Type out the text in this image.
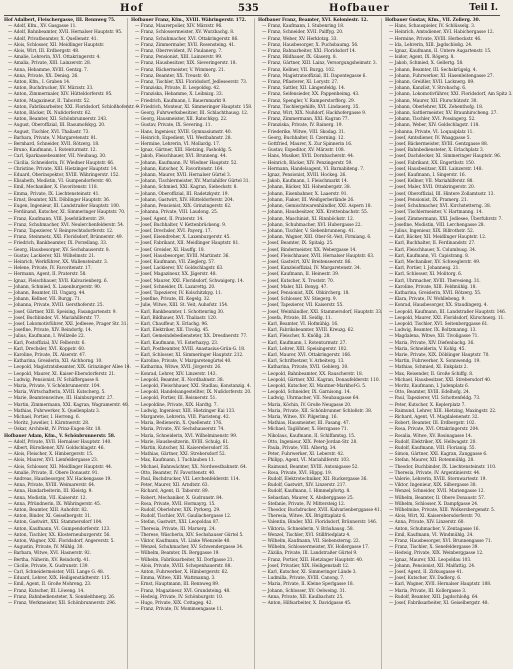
Hof	535	Hofbauer	Teil I.
Hof Adalbert, Fleischergasse, III. Rennweg 75.
— Adolf, Kfm., XV. Gasgasse 11.
— Adolf, Bahnbeamter, XVII. Hernalser Hauptstr. 95.
— Adolf, Privatbeamter, X. Quellenstr. 41.
— Alois, Schlosser, XII. Meidlinger Hauptstr.
— Alois, Wirt, III. Erdbergstr. 48.
— Amalie, Lehrerin, XVI. Ottakringerstr. 4.
— Amalia, Private, XIII. Lainzerstr. 28.
— Anna, Hebamme, XVIII. Gentzg. 7.
— Anna, Private, XX. Denisg. 26.
— Anton, Kfm., I. Graben 14.
— Anton, Buchdrucker, XV. Märzstr. 33.
— Anton, Zimmermaler, XIV. Hütteldorferstr. 95.
— Anton, Magazineur, II. Taborstr. 52.
— Anton, Fabriksarbeiter, XXI. Floridsdorf, Schloßhoferstr. 9.
— Anton, Bäcker, IX. Nußdorferstr. 62.
— Anton, Beamter, XII. Schönbrunnerstr. 243.
— August, Oberoffizial, III. Rasumofskyg. 20.
— August, Tischler, XVI. Thaliastr. 73.
— Barbara, Private, V. Margaretenstr. 81.
— Bernhard, Schneider, XVII. Rötzerg. 18.
— Bruno, Kaufmann, I. Rotenturmstr. 12.
— Carl, Sparkassebeamter, VII. Neubaug. 30.
— Cäcilia, Schneiderin, IV. Wiedner Hauptstr. 66.
— Christine, Private, XIII. Hietzinger Hauptstr. 14.
— Eduard, Oberinspektor, XVIII. Währingerstr. 152.
— Elisabeth, Modistin, VI. Gumpendorferstr. 40.
— Emil, Mechaniker, X. Favoritenstr. 118.
— Emma, Private, IX. Liechtensteinstr. 41.
— Ernst, Beamter, XIX. Döblinger Hauptstr. 36.
— Eugen, Ingenieur, III. Landstraßer Hauptstr. 100.
— Ferdinand, Kutscher, XI. Simmeringer Hauptstr. 70.
— Franz, Kaufmann, VIII. Josefstädterstr. 29.
— Franz, Schuhmacher, XVI. Neulerchenfelderstr. 54.
— Franz, Tapezierer, V. Reinprechtsdorferstr. 12.
— Franz, Steinmetz, XXI. Floridsdorf, Brünnerstr. 49.
— Friedrich, Bankbeamter, IX. Porzellang. 33.
— Georg, Hausbesorger, XV. Sechshauserstr. 8.
— Gustav, Lackierer, XII. Wilhelmstr. 21.
— Heinrich, Werkführer, XX. Wallensteinstr. 3.
— Helene, Private, IV. Favoritenstr. 17.
— Hermann, Agent, II. Praterstr. 58.
— Ignaz, Fleischhauer, XVII. Kalvarienberg. 6.
— Johann, Schmied, X. Laxenburgerstr. 90.
— Johann, Beamter, III. Ungarg. 44.
— Johann, Kellner, VII. Burgg. 71.
— Johanna, Private, XVIII. Gersthoferstr. 25.
— Josef, Gärtner, XIII. Speising, Fasangartenstr. 9.
— Josef, Buchbinder, VI. Mariahilferstr. 77.
— Josef, Lokomotivführer, XXI. Jedlesee, Prager Str. 31.
— Josefine, Private, XIV. Reindorfg. 14.
— Julius, Kaufmann, I. Wollzeile 22.
— Karl, Postoffizial, XV. Felberstr. 6.
— Karl, Drechsler, XVI. Koppstr. 60.
— Karoline, Private, IX. Alserstr. 47.
— Katharina, Greislerin, XII. Aichhorng. 10.
— Leopold, Magistratsbeamter, XIX. Grinzinger Allee 14.
— Leopold, Maurer, XI. Kaiser-Ebersdorferstr. 21.
— Ludwig, Pensionist, IV. Schäffergasse 8.
— Maria, Private, V. Schönbrunnerstr. 104.
— Maria, Wirtschafterin, XVIII. Kutscherg. 5.
— Marie, Beamtenswitwe, III. Hainburgerstr. 27.
— Martin, Zimmermann, XXI. Kagran, Wagramerstr. 40.
— Mathias, Fuhrwerker, X. Quellenplatz 3.
— Michael, Portier, I. Herreng. 6.
— Moritz, Juwelier, I. Kärntnerstr. 28.
— Oskar, Architekt, IV. Prinz-Eugen-Str. 18.
Hofbauer Adam, Kfm., V. Schönbrunnerstr. 58.
— Adolf, Private, XVII. Hernalser Hauptstr. 140.
— Albert, Bürodiener, XIV. Goldschlagstr. 46.
— Alois, Fleischer, X. Himbergerstr. 15.
— Alois, Maurer, XVI. Lienfeldergasse 23.
— Alois, Schlosser, XII. Meidlinger Hauptstr. 44.
— Amalie, Private, II. Obere Donaustr. 91.
— Andreas, Hausbesorger, XV. Hackengasse 19.
— Anna, Private, XVIII. Weimarerstr. 64.
— Anna, Handarbeiterin, III. Kleistg. 9.
— Anna, Modistin, VII. Kaiserstr. 12.
— Anna, Pfründnerin, IX. Währingerstr. 45.
— Anton, Beamter, XIII. Auhofstr. 82.
— Anton, Binder, XI. Geiselbergstr. 31.
— Anton, Gastwirt, XXI. Stammersdorf 104.
— Anton, Kaufmann, VI. Gumpendorferstr. 123.
— Anton, Tischler, XX. Klosterneuburgerstr. 56.
— Anton, Wagner, XXI. Floridsdorf, Angererstr. 5.
— Augustin, Private, IV. Mühlg. 30.
— Barbara, Witwe, XVI. Hasnerstr. 92.
— Bertha, Näherin, XV. Reindorfg. 41.
— Cäcilie, Private, X. Gudrunstr. 139.
— Carl, Schneidermeister, VIII. Lange G. 48.
— Eduard, Lehrer, XIX. Heiligenstädterstr. 115.
— Emil, Agent, II. Große Mohreng. 23.
— Franz, Kutscher, III. Löweng. 14.
— Franz, Bahnbediensteter, X. Sonnleithnerg. 26.
— Franz, Werkmeister, XII. Schönbrunnerstr. 296.
Hofbauer Franz, Kfm., XVIII. Währingerstr. 172.
— Franz, Maurerpolier, XIV. Märzstr. 96.
— Franz, Schlossermeister, XV. Wurzbachg. 8.
— Franz, Schuhmacher, XVI. Ottakringerstr. 86.
— Franz, Zimmermaler, XVII. Rosensteing. 41.
— Franz, Oberrevident, IV. Paulanerg. 7.
— Franz, Pensionist, XIII. Lainzerstr. 99.
— Franz, Hausbesitzer, XIX. Sieveringerstr. 18.
— Franz, Bäckermeister, V. Wimmerg. 21.
— Franz, Beamter, XX. Treustr. 60.
— Franz, Tischler, XXI. Floridsdorf, Jedleseerstr. 73.
— Franziska, Private, II. Leopoldsg. 42.
— Franziska, Hebamme, X. Leibnizg. 33.
— Friedrich, Kaufmann, I. Bauernmarkt 9.
— Friedrich, Monteur, XI. Simmeringer Hauptstr. 158.
— Georg, Fuhrwerksbesitzer, III. Schlachthausg. 12.
— Georg, Hausmeister, XII. Ratschkyg. 22.
— Gustav, Private, IX. Severing. 11.
— Hans, Ingenieur, XVIII. Gymnasiumstr. 40.
— Heinrich, Expedient, VII. Westbahnstr. 28.
— Hermine, Lehrerin, VI. Mollardg. 17.
— Ignaz, Gärtner, XIII. Hietzing, Fasholdg. 5.
— Jakob, Fleischhauer, XVI. Brunneng. 44.
— Johann, Kaufmann, IV. Wiedner Hauptstr. 52.
— Johann, Kutscher, X. Favoritenstr. 164.
— Johann, Maurer, XVII. Hernalser Gürtel 3.
— Johann, Tischlermeister, XV. Mariahilfer Gürtel 31.
— Johann, Schmied, XXI. Kagran, Siebeckstr. 8.
— Johann, Oberoffizial, III. Radetzkystr. 19.
— Johann, Gastwirt, XIV. Hütteldorferstr. 204.
— Johann, Pensionist, XIX. Grinzingerstr. 62.
— Johanna, Private, VIII. Laudong. 25.
— Josef, Agent, II. Praterstr. 14.
— Josef, Buchhalter, V. Kettenbrückeng. 9.
— Josef, Drechsler, XVI. Payerg. 17.
— Josef, Eisendreher, X. Laxenburgerstr. 45.
— Josef, Fabrikant, XII. Meidlinger Hauptstr. 81.
— Josef, Greisler, XI. Hauffg. 18.
— Josef, Hausbesorger, XVIII. Martinstr. 36.
— Josef, Kaufmann, VII. Zieglerg. 57.
— Josef, Lackierer, XV. Goldschlagstr. 63.
— Josef, Magazineur, XX. Jägerstr. 48.
— Josef, Maurer, XXI. Floridsdorf, Schwaigerg. 14.
— Josef, Schneider, IX. Lazarettg. 20.
— Josef, Tapezierer, IV. Kolschitzkyg. 11.
— Josefine, Private, III. Kegelg. 32.
— Julie, Witwe, XIII. St. Veit, Auhofstr. 154.
— Karl, Bankbeamter, I. Schottenring 30.
— Karl, Bildhauer, XVI. Thaliastr. 120.
— Karl, Chauffeur, X. Erlachg. 96.
— Karl, Elektriker, XII. Tivolig. 45.
— Karl, Gemeindebediensteter, XX. Dresdnerstr. 77.
— Karl, Kaufmann, VI. Esterhazyg. 23.
— Karl, Postbeamter, XVIII. Anastasius-Grün-G. 18.
— Karl, Schlosser, XI. Simmeringer Hauptstr. 212.
— Karoline, Private, V. Margaretengürtel 40.
— Katharina, Witwe, XVII. Jörgerstr. 26.
— Konrad, Lehrer, XIV. Linzerstr. 143.
— Leopold, Beamter, II. Nordbahnstr. 38.
— Leopold, Fleischhauer, XXI. Stadlau, Konstanzig. 4.
— Leopold, Handelsangestellter, IX. Nußdorferstr. 20.
— Leopold, Portier, III. Reisnerstr. 51.
— Leopoldine, Private, XIX. Hardtg. 7.
— Ludwig, Ingenieur, XIII. Hietzinger Kai 133.
— Margarete, Lehrerin, VIII. Piaristeng. 42.
— Maria, Bedienerin, X. Quellenstr. 176.
— Maria, Private, XV. Sechshauserstr. 74.
— Maria, Schneiderin, XVI. Wilhelminenstr. 99.
— Marie, Hausbesitzerin, XVIII. Schulg. 61.
— Martin, Kutscher, XI. Kaiserebersdorf 35.
— Mathias, Gärtner, XXI. Strebersdorf 52.
— Max, Kaufmann, I. Tuchlauben 11.
— Michael, Bahnwächter, XX. Nordwestbahnstr. 64.
— Otto, Beamter, IV. Favoritenstr. 40.
— Paul, Buchdrucker, VII. Lerchenfelderstr. 114.
— Peter, Maurer, XII. Arndtstr. 63.
— Richard, Agent, II. Taborstr. 89.
— Robert, Mechaniker, X. Gudrunstr. 84.
— Rosa, Private, XVII. Hormayrg. 15.
— Rudolf, Oberlehrer, XIX. Pyrkerg. 29.
— Rudolf, Tischler, XVI. Gaullachergasse 12.
— Stefan, Gastwirt, XXI. Leopoldau 87.
— Theresia, Private, III. Marxerg. 24.
— Therese, Wäscherin, XIV. Sechshauser Gürtel 5.
— Viktor, Kaufmann, VI. Linke Wienzeile 48.
— Wenzel, Schuhmacher, XV. Schwendergasse 34.
— Wilhelm, Beamter, IX. Berggasse 19.
— Wilhelm, Fabriksarbeiter, XI. Dorfgasse 21.
— Alois, Private, XVIII. Schopenhauerstr. 88.
— Anton, Fuhrwerker, X. Himbergerstr. 62.
— Emma, Witwe, XIII. Wattmanng. 3.
— Ernst, Hauptmann, III. Rennweg 89.
— Franz, Magazineur, XVI. Grundsteing. 48.
— Hedwig, Private, IV. Schönburgstr. 10.
— Hugo, Private, XIX. Cottageg. 42.
— Franz, Private, IV. Mommsengasse 11.
Hofbauer Franz, Beamter, XVI. Koloniestr. 12.
— Franz, Kaufmann, I. Stubenring 18.
— Franz, Schneider, XVII. Palffyg. 20.
— Franz, Weber, XV. Herklotzg. 33.
— Franz, Hausbesorger, X. Puchsbaumg. 56.
— Franz, Bahnarbeiter, XXI. Floridsdorf 14.
— Franz, Bildhauer, IX. Glaserg. 8.
— Franz, Gärtner, XIII. Lainz, Versorgungsheimstr. 3.
— Franz, Kellner, VII. Burgg. 102.
— Franz, Magistratsoffizial, III. Dapontegasse 6.
— Franz, Pflasterer, XI. Lorystr. 27.
— Franz, Sattler, XII. Längenfeldg. 14.
— Franz, Seifensieder, XX. Pappenheimg. 43.
— Franz, Spengler, V. Ramperstorfferg. 29.
— Franz, Tischlergehilfe, XVI. Lindauerg. 35.
— Franz, Wirt, XIX. Nußdorf, Hackhofergasse 9.
— Franz, Zimmermann, XXI. Kagran 77.
— Franziska, Private, IV. Rainerg. 19.
— Friederike, Witwe, VIII. Skodag. 31.
— Georg, Buchhalter, II. Czerning. 12.
— Gottfried, Maurer, X. Zur Spinnerin 16.
— Gustav, Expeditor, XV. Märzstr. 108.
— Hans, Musiker, XVII. Dornbacherstr. 44.
— Heinrich, Bäcker, XIV. Penzingerstr. 59.
— Hermann, Handelsagent, VI. Barnabiteng. 7.
— Ignaz, Pensionist, XVIII. Hockeg. 26.
— Jakob, Kaufmann, I. Fleischmarkt 14.
— Johann, Bäcker, XII. Hohenbergstr. 38.
— Johann, Eisenbahner, X. Laaerstr. 91.
— Johann, Fiaker, III. Weißgerberlände 26.
— Johann, Gemischtwarenhändler, XXI. Aspern 18.
— Johann, Hausbesitzer, XIX. Krottenbachstr. 55.
— Johann, Maschinist, XI. Rinnböckstr. 12.
— Johann, Schuhmacher, XVI. Hubergasse 22.
— Johann, Tischler, V. Siebenbrunneng. 41.
— Johann, Wagner, XIII. Ober-St.-Veit, Firmiang. 6.
— Josef, Beamter, IX. Spitalg. 25.
— Josef, Bindermeister, XX. Webergasse 14.
— Josef, Fleischhauer, XVII. Hernalser Hauptstr. 63.
— Josef, Gastwirt, XIV. Breitenseerstr. 86.
— Josef, Kanzleioffizial, IV. Margaretenstr. 34.
— Josef, Kaufmann, II. Heinestr. 39.
— Josef, Kutscher, X. Troststr. 70.
— Josef, Maler, XII. Bonyg. 47.
— Josef, Pensionist, XIX. Obkircherg. 18.
— Josef, Schlosser, XV. Stiegerg. 9.
— Josef, Tapezierer, VII. Kaiserstr. 55.
— Josef, Weinhändler, XXI. Stammersdorf, Hauptstr. 33.
— Josefa, Private, III. Seidlg. 11.
— Karl, Beamter, VI. Hofmühlg. 16.
— Karl, Fabriksbeamter, XVIII. Kreuzg. 62.
— Karl, Fleischer, X. Knöllg. 28.
— Karl, Kaufmann, I. Rotenturmstr. 27.
— Karl, Lehrer, XIII. Speisingerstr. 102.
— Karl, Maurer, XVI. Ottakringerstr. 166.
— Karl, Schriftsetzer, V. Arbeiterg. 13.
— Katharina, Private, XVII. Geblerg. 30.
— Leopold, Bahnbeamter, XX. Rauscherstr. 18.
— Leopold, Gärtner, XXI. Kagran, Donaufelderstr. 110.
— Leopold, Kutscher, XI. Mautner-Markhof-G. 5.
— Leopold, Schneider, IX. Garnisong. 14.
— Ludwig, Uhrmacher, VII. Neubaugasse 64.
— Maria, Köchin, IV. Große Neugasse 20.
— Maria, Private, XII. Schönbrunner Schloßstr. 38.
— Maria, Witwe, XV. Pilgerimg. 16.
— Mathias, Hausmeister, III. Fasang. 47.
— Michael, Taglöhner, X. Herzgasse 71.
— Nikolaus, Kaufmann, II. Schiffamtsg. 15.
— Otto, Ingenieur, XIX. Peter-Jordan-Str. 28.
— Paula, Private, VIII. Albertg. 34.
— Peter, Fuhrwerker, XI. Leberstr. 42.
— Philipp, Agent, VI. Mariahilferstr. 103.
— Raimund, Beamter, XVIII. Antonigasse 52.
— Rosa, Private, XVI. Hippg. 19.
— Rudolf, Elektrotechniker, XII. Ruckergasse 36.
— Rudolf, Gastwirt, XIV. Linzerstr. 217.
— Rudolf, Kaufmann, I. Himmelpfortg. 8.
— Sebastian, Maurer, X. Absberggasse 25.
— Stefanie, Private, IV. Mittersteig 12.
— Theodor, Buchdrucker, XVII. Kalvarienberggasse 41.
— Theresia, Witwe, XX. Brigittaplatz 6.
— Valentin, Binder, XXI. Floridsdorf, Brünnerstr. 146.
— Viktoria, Schneiderin, V. Bräuhausg. 58.
— Wenzel, Tischler, XVI. Stillfriedplatz 4.
— Wilhelm, Kaufmann, VII. Siebensterng. 22.
— Wilhelm, Schlossermeister, XV. Hollergasse 17.
— Zäzilia, Private, III. Landstraßer Gürtel 9.
— Franz, Portier, XIII. Hietzinger Hauptstr. 40.
— Josef, Privatier, XIX. Heiligenstadt 12.
— Karl, Kutscher, XI. Simmeringer Lände 3.
— Ludmilla, Private, XVIII. Canong. 7.
— Maria, Private, II. Kleine Sperlgasse 18.
— Johann, Schlosser, XV. Oelweing. 31.
— Anna, Private, XII. Kaulbachstr. 25.
— Anton, Hilfsarbeiter, X. Davidgasse 45.
Hofbauer Gustav, Kfm., VII. Zollerg. 30.
— Hans, Schauspieler, IV. Schlüsselg. 3.
— Heinrich, Amtsdiener, XVI. Habichergasse 12.
— Hermine, Private, XVIII. Herbeckstr. 46.
— Ida, Lehrerin, XIII. Jagdschloßg. 24.
— Ignaz, Kaufmann, II. Untere Augartenstr. 15.
— Isidor, Agent, IX. Rögerg. 8.
— Jakob, Schmied, X. Gellertg. 58.
— Johann, Beamter, III. Sechskrügelg. 4.
— Johann, Fuhrwerker, XI. Hasenleitengasse 27.
— Johann, Greißler, XVII. Lacknerg. 89.
— Johann, Kanzlist, V. Strobachg. 6.
— Johann, Lokomotivführer, XXI. Floridsdorf, Am Spitz 3.
— Johann, Maurer, XII. Flurschützstr. 30.
— Johann, Oberlehrer, XIX. Zehenthofg. 18.
— Johann, Sattlermeister, XV. Braunhirscheng. 27.
— Johann, Tischler, XVI. Possingerg. 52.
— Johann, Weber, XIV. Goldschlagstr. 118.
— Johanna, Private, VI. Loquaiplatz 11.
— Josef, Amtsdiener, IV. Waaggasse 5.
— Josef, Bäckermeister, XVIII. Gentzgasse 88.
— Josef, Bahnbediensteter, X. Erlachplatz 3.
— Josef, Dachdecker, XI. Simmeringer Hauptstr. 96.
— Josef, Fabrikant, XX. Engerthstr. 150.
— Josef, Hausbesitzer, XIII. Lainzerstr. 148.
— Josef, Kaufmann, I. Singerstr. 16.
— Josef, Kellner, VII. Mariahilferstr. 88.
— Josef, Maler, XVII. Ottakringerstr. 20.
— Josef, Oberoffizial, III. Hintere Zollamtsstr. 13.
— Josef, Pensionist, IX. Pramerg. 21.
— Josef, Schuhmacher, XVI. Kirchstetterng. 38.
— Josef, Tischlermeister, V. Hartmanng. 14.
— Josef, Zimmermann, XXI. Jedlesee, Überfuhrstr. 7.
— Josefine, Modistin, VIII. Lerchengasse 28.
— Julius, Ingenieur, XIX. Billrothstr. 52.
— Karl, Bäcker, XII. Meidlinger Hauptstr. 12.
— Karl, Buchhalter, II. Ferdinandstr. 27.
— Karl, Fleischhauer, X. Columbusg. 34.
— Karl, Kaufmann, VI. Capistrang. 8.
— Karl, Mechaniker, XV. Schweglerstr. 49.
— Karl, Portier, I. Johannesg. 21.
— Karl, Schlosser, XI. Molitorg. 6.
— Karl, Uhrmacher, XVIII. Theresieng. 31.
— Karoline, Private, XIII. Feldmühlg. 18.
— Katharina, Greislerin, XVII. Rötzerg. 55.
— Klara, Private, IV. Wohllebeng. 9.
— Konrad, Hausbesorger, XX. Staudingerg. 4.
— Leopold, Kaufmann, III. Landstraßer Hauptstr. 146.
— Leopold, Maurer, XXI. Floridsdorf, Kürschnerg. 11.
— Leopold, Tischler, XVI. Seitenberggasse 61.
— Ludwig, Beamter, IX. Boltzmanng. 13.
— Magdalena, Witwe, XII. Tivoligasse 71.
— Maria, Private, XIV. Diefenbachg. 36.
— Maria, Schneiderin, V. Kohlg. 45.
— Marie, Private, XIX. Döblinger Hauptstr. 70.
— Martin, Fuhrwerker, X. Sonnwendg. 19.
— Mathias, Schmied, XI. Enkplatz 2.
— Max, Reisender, II. Große Schiffg. 8.
— Michael, Hausbesitzer, XXI. Strebersdorf 40.
— Moritz, Kaufmann, I. Judenplatz 6.
— Otto, Beamter, XVIII. Edelhofg. 24.
— Paul, Tapezierer, VII. Schottenfeldg. 73.
— Peter, Kutscher, X. Keplerplatz 7.
— Raimund, Lehrer, XIII. Hietzing, Maxingstr. 22.
— Richard, Agent, VI. Magdalenenstr. 32.
— Robert, Beamter, III. Erdbergstr. 102.
— Rosa, Private, XVI. Ottakringerstr. 204.
— Rosalia, Witwe, XV. Rosinagasse 14.
— Rudolf, Elektriker, XX. Hellwagstr. 20.
— Rudolf, Kaufmann, VIII. Florianig. 55.
— Simon, Gärtner, XXI. Kagran, Zanggasse 6.
— Stefan, Maurer, XII. Rotenmühlg. 28.
— Theodor, Buchbinder, IX. Liechtensteinstr. 110.
— Theresia, Private, IV. Argentinierstr. 44.
— Valerie, Lehrerin, XVIII. Sternwartestr. 19.
— Viktor, Ingenieur, XIX. Silbergasse 38.
— Wenzel, Schneider, XVII. Mariengasse 12.
— Wilhelm, Beamter, II. Obere Donaustr. 57.
— Wilhelm, Schlosser, X. Dampfgasse 24.
— Wilhelmine, Private, XIII. Wolkersbergenstr. 5.
— Alois, Wirt, XI. Kaiserebersdorferstr. 70.
— Anna, Private, XIV. Linzerstr. 60.
— Anton, Schuhmacher, V. Zentagasse 16.
— Emil, Kaufmann, VI. Windmühlg. 24.
— Franz, Hausbesorger, XVI. Brunnengasse 71.
— Franz, Tischler, X. Senefeldergasse 39.
— Hedwig, Private, XIX. Weinberggasse 12.
— Ignaz, Maurer, XXI. Leopoldau 103.
— Johann, Pensionist, XII. Malfattig. 24.
— Josef, Agent, II. Zirkusgasse 41.
— Josef, Kutscher, XV. Dadlerg. 6.
— Karl, Wagner, XVII. Hernalser Hauptstr. 188.
— Maria, Private, III. Kollergasse 3.
— Rudolf, Beamter, XIII. Jagdschloßg. 64.
— Josef, Fabriksarbeiter, XI. Geiselbergstr. 48.
